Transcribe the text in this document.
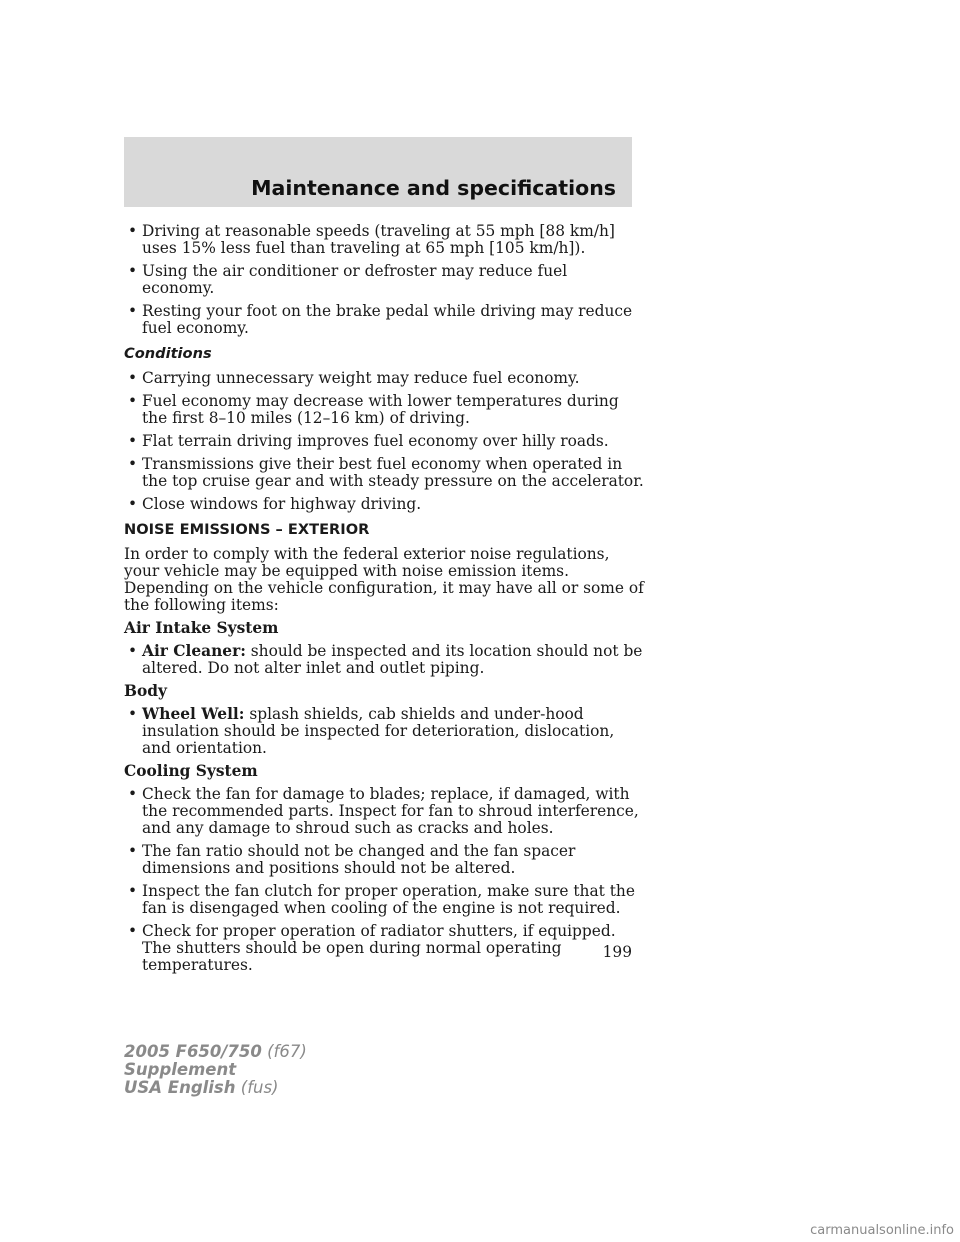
Maintenance and specifications
• Driving at reasonable speeds (traveling at 55 mph [88 km/h] uses 15% less fuel than traveling at 65 mph [105 km/h]).
• Using the air conditioner or defroster may reduce fuel economy.
• Resting your foot on the brake pedal while driving may reduce fuel economy.
Conditions
• Carrying unnecessary weight may reduce fuel economy.
• Fuel economy may decrease with lower temperatures during the first 8–10 miles (12–16 km) of driving.
• Flat terrain driving improves fuel economy over hilly roads.
• Transmissions give their best fuel economy when operated in the top cruise gear and with steady pressure on the accelerator.
• Close windows for highway driving.
NOISE EMISSIONS – EXTERIOR
In order to comply with the federal exterior noise regulations, your vehicle may be equipped with noise emission items. Depending on the vehicle configuration, it may have all or some of the following items:
Air Intake System
• Air Cleaner: should be inspected and its location should not be altered. Do not alter inlet and outlet piping.
Body
• Wheel Well: splash shields, cab shields and under-hood insulation should be inspected for deterioration, dislocation, and orientation.
Cooling System
• Check the fan for damage to blades; replace, if damaged, with the recommended parts. Inspect for fan to shroud interference, and any damage to shroud such as cracks and holes.
• The fan ratio should not be changed and the fan spacer dimensions and positions should not be altered.
• Inspect the fan clutch for proper operation, make sure that the fan is disengaged when cooling of the engine is not required.
• Check for proper operation of radiator shutters, if equipped. The shutters should be open during normal operating temperatures.
199
2005 F650/750 (f67)
Supplement
USA English (fus)
carmanualsonline.info
